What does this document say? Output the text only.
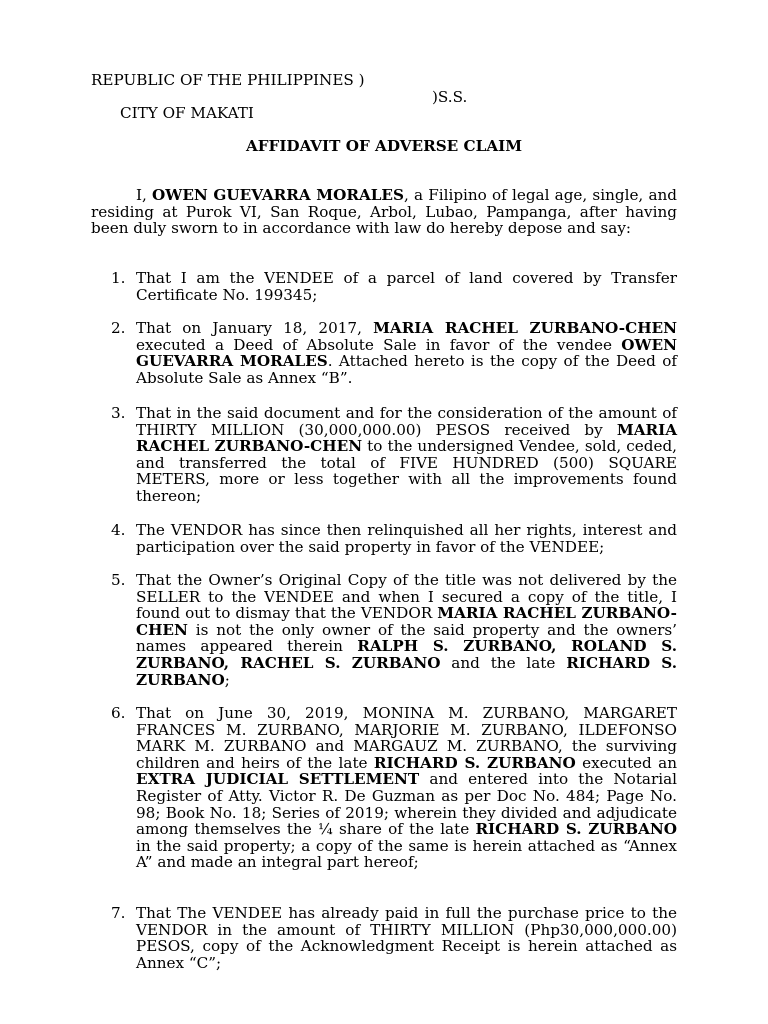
REPUBLIC OF THE PHILIPPINES )

CITY OF MAKATI

)S.S.

AFFIDAVIT OF ADVERSE CLAIM

I, OWEN GUEVARRA MORALES, a Filipino of legal age, single, and residing at Purok VI, San Roque, Arbol, Lubao, Pampanga, after having been duly sworn to in accordance with law do hereby depose and say:

1. That I am the VENDEE of a parcel of land covered by Transfer Certificate No. 199345;
2. That on January 18, 2017, MARIA RACHEL ZURBANO-CHEN executed a Deed of Absolute Sale in favor of the vendee OWEN GUEVARRA MORALES. Attached hereto is the copy of the Deed of Absolute Sale as Annex “B”.
3. That in the said document and for the consideration of the amount of THIRTY MILLION (30,000,000.00) PESOS received by MARIA RACHEL ZURBANO-CHEN to the undersigned Vendee, sold, ceded, and transferred the total of FIVE HUNDRED (500) SQUARE METERS, more or less together with all the improvements found thereon;
4. The VENDOR has since then relinquished all her rights, interest and participation over the said property in favor of the VENDEE;
5. That the Owner’s Original Copy of the title was not delivered by the SELLER to the VENDEE and when I secured a copy of the title, I found out to dismay that the VENDOR MARIA RACHEL ZURBANO-CHEN is not the only owner of the said property and the owners’ names appeared therein RALPH S. ZURBANO, ROLAND S. ZURBANO, RACHEL S. ZURBANO and the late RICHARD S. ZURBANO;
6. That on June 30, 2019, MONINA M. ZURBANO, MARGARET FRANCES M. ZURBANO, MARJORIE M. ZURBANO, ILDEFONSO MARK M. ZURBANO and MARGAUZ M. ZURBANO, the surviving children and heirs of the late RICHARD S. ZURBANO executed an EXTRA JUDICIAL SETTLEMENT and entered into the Notarial Register of Atty. Victor R. De Guzman as per Doc No. 484; Page No. 98; Book No. 18; Series of 2019; wherein they divided and adjudicate among themselves the ¼ share of the late RICHARD S. ZURBANO in the said property; a copy of the same is herein attached as “Annex A” and made an integral part hereof;
7. That The VENDEE has already paid in full the purchase price to the VENDOR in the amount of THIRTY MILLION (Php30,000,000.00) PESOS, copy of the Acknowledgment Receipt is herein attached as Annex “C”;
